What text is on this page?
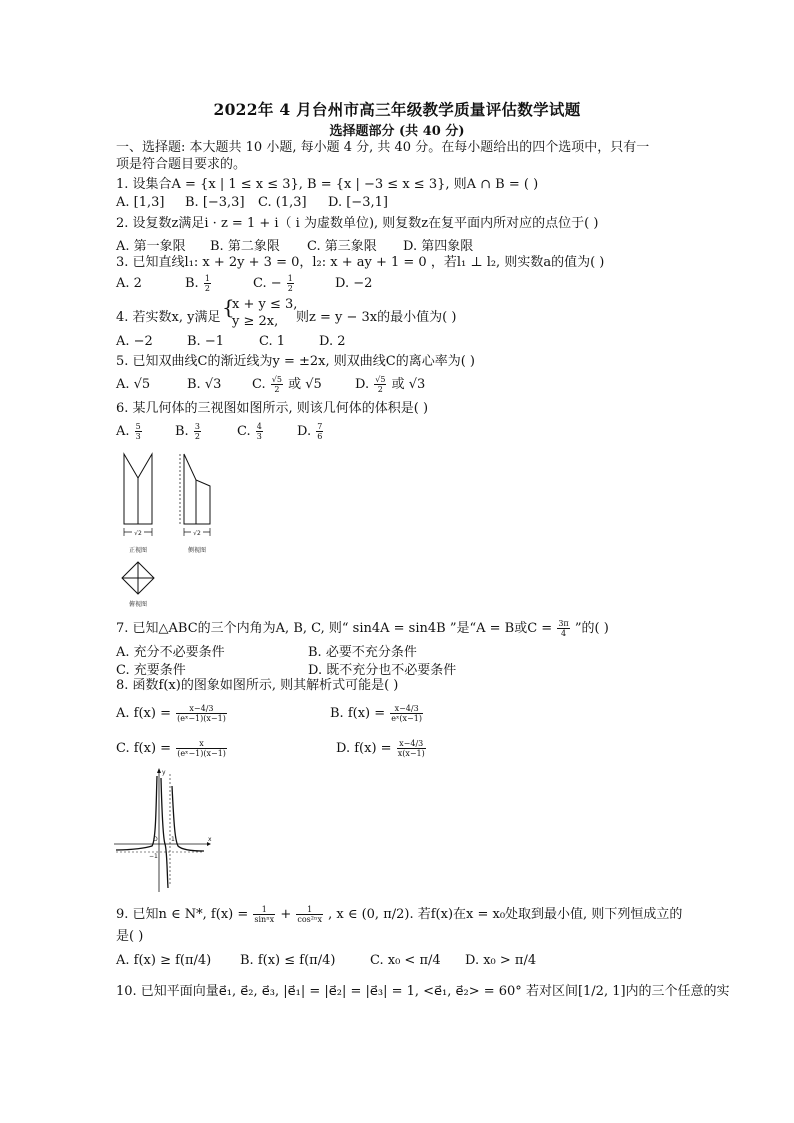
2022年 4 月台州市高三年级教学质量评估数学试题
选择题部分 (共 40 分)
一、选择题: 本大题共 10 小题, 每小题 4 分, 共 40 分。在每小题给出的四个选项中，只有一
项是符合题目要求的。
1. 设集合A = {x | 1 ≤ x ≤ 3}, B = {x | −3 ≤ x ≤ 3}, 则A ∩ B = ( )
A. [1,3] B. [−3,3] C. (1,3] D. [−3,1]
2. 设复数z满足i · z = 1 + i（ i 为虚数单位), 则复数z在复平面内所对应的点位于( )
A. 第一象限 B. 第二象限 C. 第三象限 D. 第四象限
3. 已知直线l₁: x + 2y + 3 = 0，l₂: x + ay + 1 = 0 ，若l₁ ⊥ l₂, 则实数a的值为( )
A. 2	B. $\frac{1}{2}$	C. − $\frac{1}{2}$	D. −2
4. 若实数x, y满足 {
x + y ≤ 3,
y ≥ 2x, 则z = y − 3x的最小值为( )
A. −2	B. −1	C. 1	D. 2
5. 已知双曲线C的渐近线为y = ±2x, 则双曲线C的离心率为( )
A. √5	B. √3 C. $\frac{√5}{2}$ 或 √5	D. $\frac{√5}{2}$ 或 √3
6. 某几何体的三视图如图所示, 则该几何体的体积是( )
A. $\frac{5}{3}$	B. $\frac{3}{2}$	C. $\frac{4}{3}$	D. $\frac{7}{6}$
√2
正视图
√2
侧视图
俯视图
7. 已知△ABC的三个内角为A, B, C, 则“ sin4A = sin4B ”是“A = B或$C = \frac{3\pi}{4}$ ”的( )
A. 充分不必要条件	B. 必要不充分条件
C. 充要条件	D. 既不充分也不必要条件
8. 函数f(x)的图象如图所示, 则其解析式可能是( )
A. $f(x) = \frac{x-4/3}{\text{(eˣ−1)(x−1)}}$	B. $f(x) = \frac{x-4/3}{\text{eˣ(x−1)}}$
C. $f(x) = \frac{x}{\text{(eˣ−1)(x−1)}}$	D. $f(x) = \frac{x-4/3}{x(x-1)}$
x
y
O 1
−1
9. 已知n ∈ N*, $f(x) = \frac{1}{\text{sinⁿx}} + \frac{1}{\text{cos²ⁿx}}$ , x ∈ (0, π/2). 若f(x)在x = x₀处取到最小值, 则下列恒成立的
是( )
A. f(x) ≥ f(π/4) B. f(x) ≤ f(π/4)	C. x₀ < π/4 D. x₀ > π/4
10. 已知平面向量e⃗₁, e⃗₂, e⃗₃, |e⃗₁| = |e⃗₂| = |e⃗₃| = 1, <e⃗₁, e⃗₂> = 60° 若对区间[1/2, 1]内的三个任意的实
